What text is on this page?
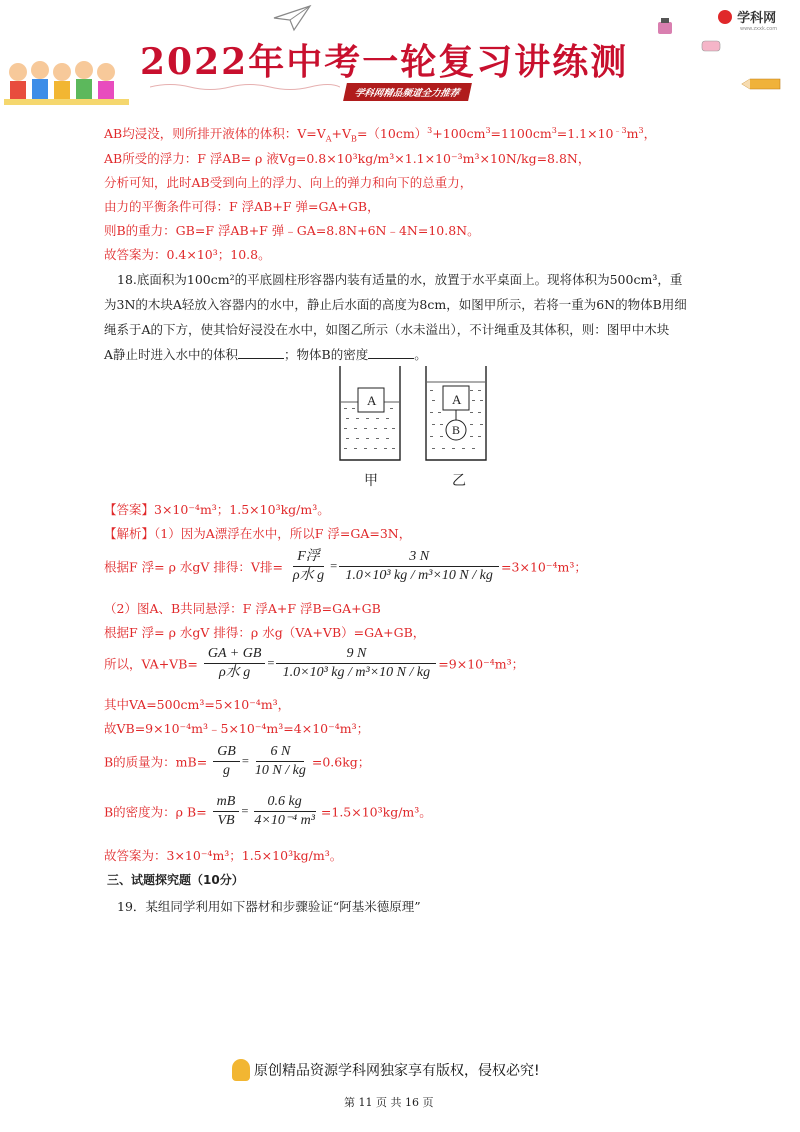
2022年中考一轮复习讲练测
学科网精品频道全力推荐
学科网
www.zxxk.com
AB均浸没，则所排开液体的体积：$V=V_A+V_B=(10cm)^3+100cm^3=1100cm^3=1.1\times 10^{﹣3}m^3$，
AB所受的浮力：F 浮AB= ρ 液Vg=0.8×10³kg/m³×1.1×10⁻³m³×10N/kg=8.8N，
分析可知，此时AB受到向上的浮力、向上的弹力和向下的总重力，
由力的平衡条件可得：F 浮AB+F 弹=GA+GB，
则B的重力：GB=F 浮AB+F 弹﹣GA=8.8N+6N﹣4N=10.8N。
故答案为：0.4×10³；10.8。
18.底面积为100cm²的平底圆柱形容器内装有适量的水，放置于水平桌面上。现将体积为500cm³，重
为3N的木块A轻放入容器内的水中，静止后水面的高度为8cm，如图甲所示，若将一重为6N的物体B用细
绳系于A的下方，使其恰好浸没在水中，如图乙所示（水未溢出），不计绳重及其体积，则：图甲中木块
A静止时进入水中的体积	；物体B的密度	。
A	A
B
甲	乙
【答案】3×10⁻⁴m³；1.5×10³kg/m³。
【解析】（1）因为A漂浮在水中，所以F 浮=GA=3N，
根据F 浮= ρ 水gV 排得：V排= $\frac{\text{F浮}}{\text{ρ水 g}} = \frac{3 N}{\text{1.0×10³ kg / m³×10 N / kg}} =3\times 10^{-4}m^3$；
（2）图A、B共同悬浮：F 浮A+F 浮B=GA+GB
根据F 浮= ρ 水gV 排得：ρ 水g（VA+VB）=GA+GB，
所以，$VA+VB= \frac{GA + GB}{\text{ρ水 g}} = \frac{9 N}{\text{1.0×10³ kg / m³×10 N / kg}} =9\times 10^{-4}m^3$；
其中VA=500cm³=5×10⁻⁴m³，
故VB=9×10⁻⁴m³﹣5×10⁻⁴m³=4×10⁻⁴m³；
B的质量为：$mB= \frac{GB}{g} = \frac{6 N}{10 N / kg} =0.6kg$；
B的密度为：ρ $B= \frac{mB}{VB} = \frac{0.6 kg}{\text{4×10⁻⁴ m³}} =1.5\times 10^3kg/m^3$。
故答案为：3×10⁻⁴m³；1.5×10³kg/m³。
三、试题探究题（10分）
19．某组同学利用如下器材和步骤验证“阿基米德原理”
原创精品资源学科网独家享有版权，侵权必究!
第 11 页 共 16 页
